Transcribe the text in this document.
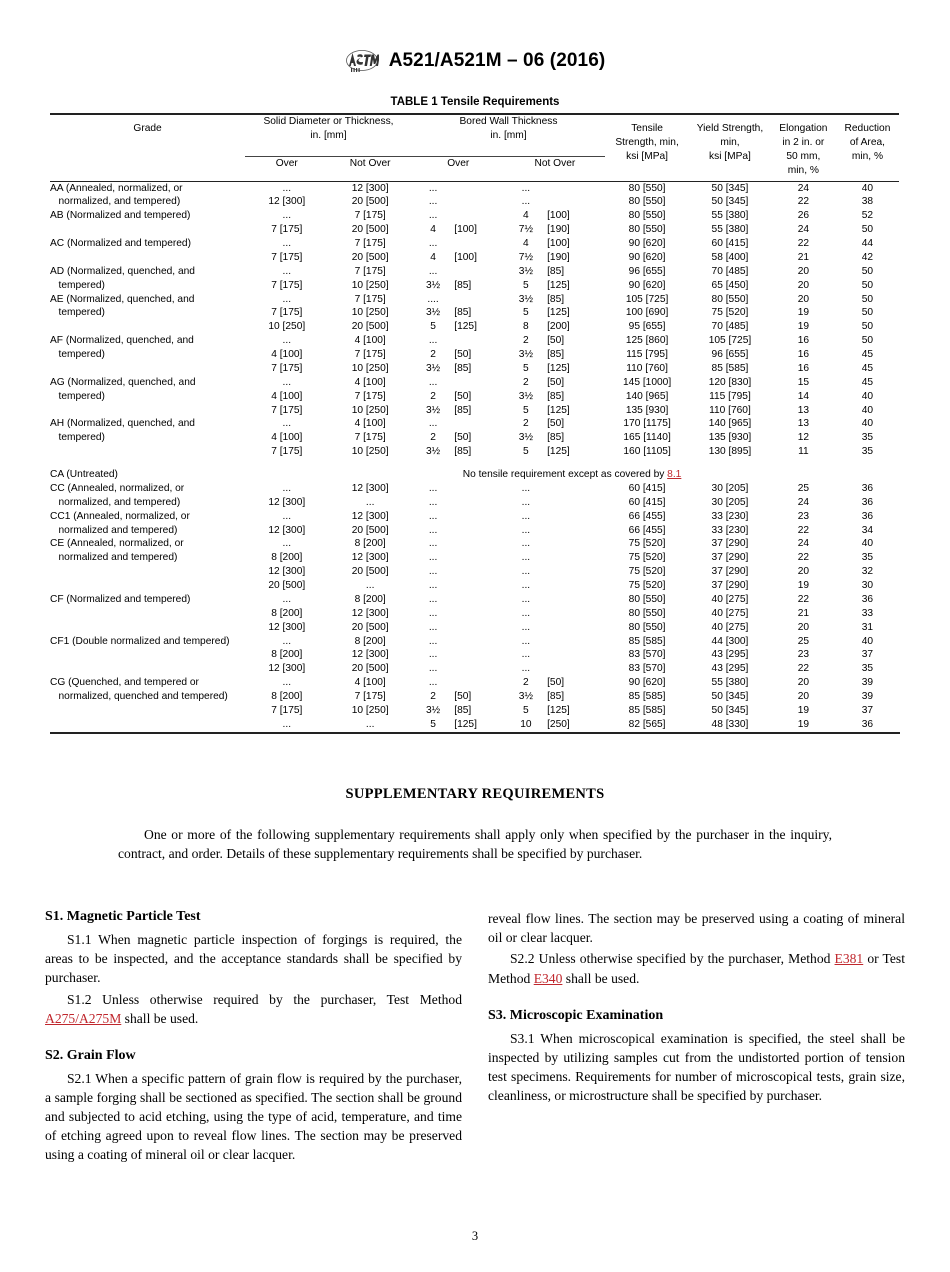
A521/A521M – 06 (2016)
TABLE 1 Tensile Requirements
Grade	Solid Diameter or Thickness,
in. [mm]		Bored Wall Thickness
in. [mm]				Tensile
Strength, min,
ksi [MPa]	Yield Strength,
min,
ksi [MPa]	Elongation
in 2 in. or
50 mm,
min, %	Reduction
of Area,
min, %
	Over	Not Over	Over		Not Over					

AA (Annealed, normalized, or	...	12 [300]	...		...		80 [550]	50 [345]	24	40
normalized, and tempered)	12 [300]	20 [500]	...		...		80 [550]	50 [345]	22	38
AB (Normalized and tempered)	...	7 [175]	...		4	[100]	80 [550]	55 [380]	26	52
	7 [175]	20 [500]	4	[100]	7½	[190]	80 [550]	55 [380]	24	50
AC (Normalized and tempered)	...	7 [175]	...		4	[100]	90 [620]	60 [415]	22	44
	7 [175]	20 [500]	4	[100]	7½	[190]	90 [620]	58 [400]	21	42
AD (Normalized, quenched, and	...	7 [175]	...		3½	[85]	96 [655]	70 [485]	20	50
tempered)	7 [175]	10 [250]	3½	[85]	5	[125]	90 [620]	65 [450]	20	50
AE (Normalized, quenched, and	...	7 [175]	....		3½	[85]	105 [725]	80 [550]	20	50
tempered)	7 [175]	10 [250]	3½	[85]	5	[125]	100 [690]	75 [520]	19	50
	10 [250]	20 [500]	5	[125]	8	[200]	95 [655]	70 [485]	19	50
AF (Normalized, quenched, and	...	4 [100]	...		2	[50]	125 [860]	105 [725]	16	50
tempered)	4 [100]	7 [175]	2	[50]	3½	[85]	115 [795]	96 [655]	16	45
	7 [175]	10 [250]	3½	[85]	5	[125]	110 [760]	85 [585]	16	45
AG (Normalized, quenched, and	...	4 [100]	...		2	[50]	145 [1000]	120 [830]	15	45
tempered)	4 [100]	7 [175]	2	[50]	3½	[85]	140 [965]	115 [795]	14	40
	7 [175]	10 [250]	3½	[85]	5	[125]	135 [930]	110 [760]	13	40
AH (Normalized, quenched, and	...	4 [100]	...		2	[50]	170 [1175]	140 [965]	13	40
tempered)	4 [100]	7 [175]	2	[50]	3½	[85]	165 [1140]	135 [930]	12	35
	7 [175]	10 [250]	3½	[85]	5	[125]	160 [1105]	130 [895]	11	35
CA (Untreated)	No tensile requirement except as covered by 8.1									
CC (Annealed, normalized, or	...	12 [300]	...		...		60 [415]	30 [205]	25	36
normalized, and tempered)	12 [300]	...	...		...		60 [415]	30 [205]	24	36
CC1 (Annealed, normalized, or	...	12 [300]	...		...		66 [455]	33 [230]	23	36
normalized and tempered)	12 [300]	20 [500]	...		...		66 [455]	33 [230]	22	34
CE (Annealed, normalized, or	...	8 [200]	...		...		75 [520]	37 [290]	24	40
normalized and tempered)	8 [200]	12 [300]	...		...		75 [520]	37 [290]	22	35
	12 [300]	20 [500]	...		...		75 [520]	37 [290]	20	32
	20 [500]	...	...		...		75 [520]	37 [290]	19	30
CF (Normalized and tempered)	...	8 [200]	...		...		80 [550]	40 [275]	22	36
	8 [200]	12 [300]	...		...		80 [550]	40 [275]	21	33
	12 [300]	20 [500]	...		...		80 [550]	40 [275]	20	31
CF1 (Double normalized and tempered)	...	8 [200]	...		...		85 [585]	44 [300]	25	40
	8 [200]	12 [300]	...		...		83 [570]	43 [295]	23	37
	12 [300]	20 [500]	...		...		83 [570]	43 [295]	22	35
CG (Quenched, and tempered or	...	4 [100]	...		2	[50]	90 [620]	55 [380]	20	39
normalized, quenched and tempered)	8 [200]	7 [175]	2	[50]	3½	[85]	85 [585]	50 [345]	20	39
	7 [175]	10 [250]	3½	[85]	5	[125]	85 [585]	50 [345]	19	37
	...	...	5	[125]	10	[250]	82 [565]	48 [330]	19	36
SUPPLEMENTARY REQUIREMENTS

One or more of the following supplementary requirements shall apply only when specified by the purchaser in the inquiry, contract, and order. Details of these supplementary requirements shall be specified by purchaser.

S1. Magnetic Particle Test

S1.1 When magnetic particle inspection of forgings is required, the areas to be inspected, and the acceptance standards shall be specified by purchaser.

S1.2 Unless otherwise required by the purchaser, Test Method A275/A275M shall be used.

S2. Grain Flow

S2.1 When a specific pattern of grain flow is required by the purchaser, a sample forging shall be sectioned as specified. The section shall be ground and subjected to acid etching, using the type of acid, temperature, and time of etching agreed upon to reveal flow lines. The section may be preserved using a coating of mineral oil or clear lacquer.

reveal flow lines. The section may be preserved using a coating of mineral oil or clear lacquer.

S2.2 Unless otherwise specified by the purchaser, Method E381 or Test Method E340 shall be used.

S3. Microscopic Examination

S3.1 When microscopical examination is specified, the steel shall be inspected by utilizing samples cut from the undistorted portion of tension test specimens. Requirements for number of microscopical tests, grain size, cleanliness, or microstructure shall be specified by purchaser.

3
